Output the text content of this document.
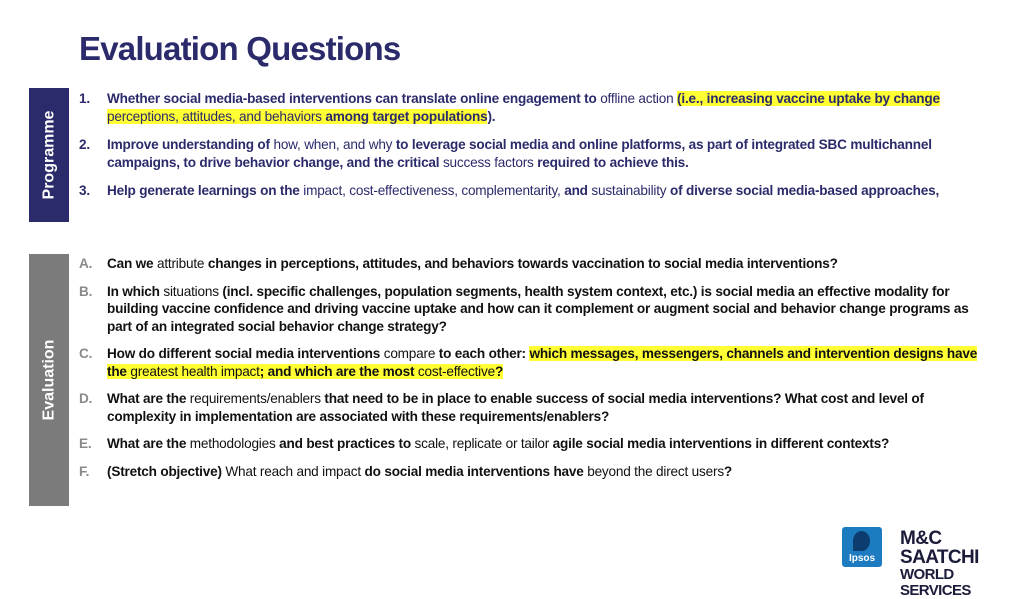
Evaluation Questions
Programme
Evaluation
1. Whether social media-based interventions can translate online engagement to offline action (i.e., increasing vaccine uptake by change perceptions, attitudes, and behaviors among target populations).
2. Improve understanding of how, when, and why to leverage social media and online platforms, as part of integrated SBC multichannel campaigns, to drive behavior change, and the critical success factors required to achieve this.
3. Help generate learnings on the impact, cost-effectiveness, complementarity, and sustainability of diverse social media-based approaches,
A. Can we attribute changes in perceptions, attitudes, and behaviors towards vaccination to social media interventions?
B. In which situations (incl. specific challenges, population segments, health system context, etc.) is social media an effective modality for building vaccine confidence and driving vaccine uptake and how can it complement or augment social and behavior change programs as part of an integrated social behavior change strategy?
C. How do different social media interventions compare to each other: which messages, messengers, channels and intervention designs have the greatest health impact; and which are the most cost-effective?
D. What are the requirements/enablers that need to be in place to enable success of social media interventions? What cost and level of complexity in implementation are associated with these requirements/enablers?
E. What are the methodologies and best practices to scale, replicate or tailor agile social media interventions in different contexts?
F. (Stretch objective) What reach and impact do social media interventions have beyond the direct users?
Ipsos
M&C SAATCHI
WORLD SERVICES
